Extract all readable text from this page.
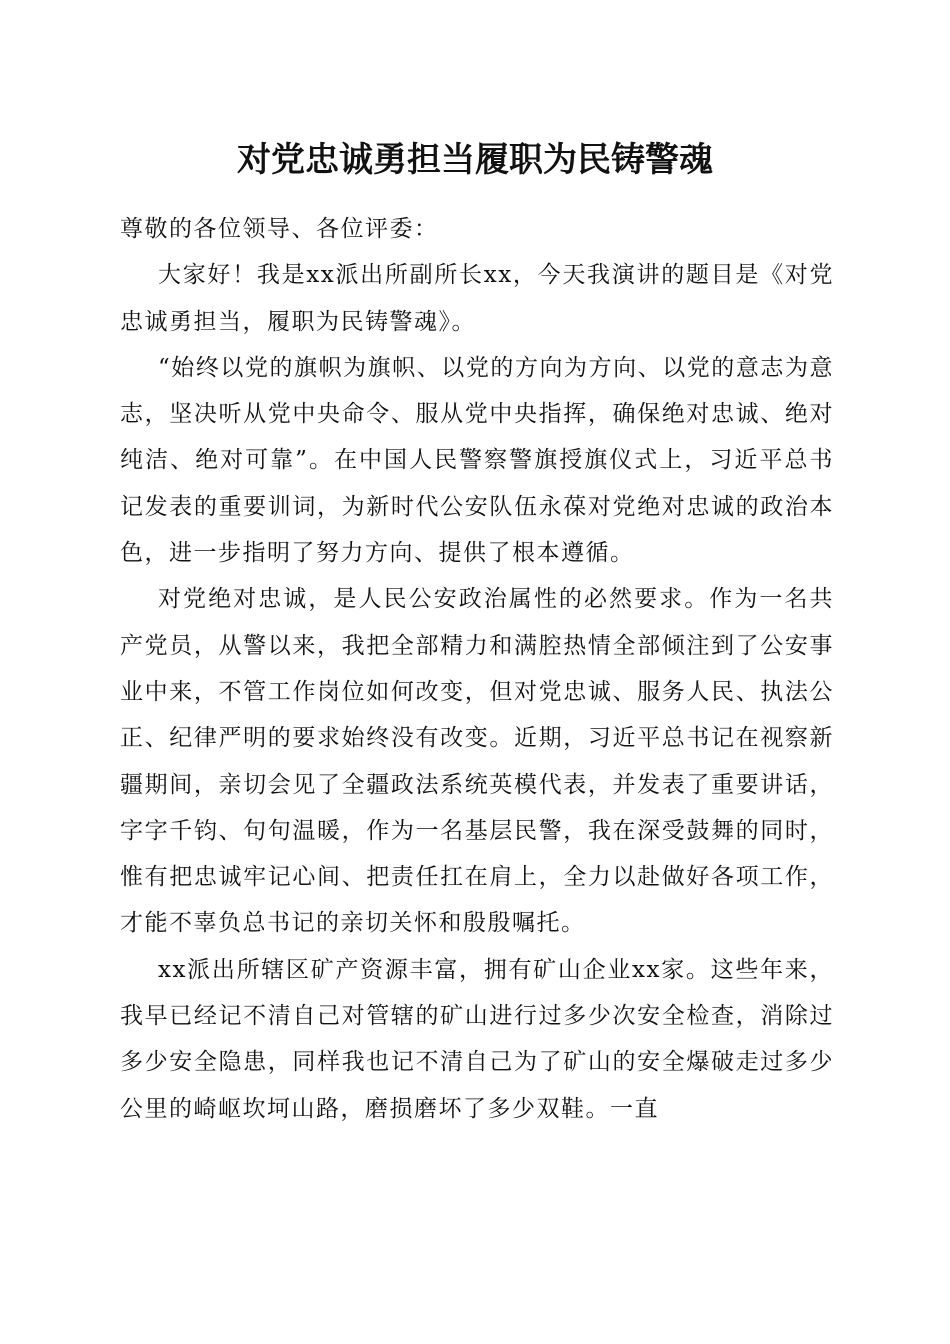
对党忠诚勇担当履职为民铸警魂

尊敬的各位领导、各位评委：

大家好！我是xx派出所副所长xx，今天我演讲的题目是《对党忠诚勇担当，履职为民铸警魂》。

“始终以党的旗帜为旗帜、以党的方向为方向、以党的意志为意志，坚决听从党中央命令、服从党中央指挥，确保绝对忠诚、绝对纯洁、绝对可靠”。在中国人民警察警旗授旗仪式上，习近平总书记发表的重要训词，为新时代公安队伍永葆对党绝对忠诚的政治本色，进一步指明了努力方向、提供了根本遵循。

对党绝对忠诚，是人民公安政治属性的必然要求。作为一名共产党员，从警以来，我把全部精力和满腔热情全部倾注到了公安事业中来，不管工作岗位如何改变，但对党忠诚、服务人民、执法公正、纪律严明的要求始终没有改变。近期，习近平总书记在视察新疆期间，亲切会见了全疆政法系统英模代表，并发表了重要讲话，字字千钧、句句温暖，作为一名基层民警，我在深受鼓舞的同时，惟有把忠诚牢记心间、把责任扛在肩上，全力以赴做好各项工作，才能不辜负总书记的亲切关怀和殷殷嘱托。

xx派出所辖区矿产资源丰富，拥有矿山企业xx家。这些年来，我早已经记不清自己对管辖的矿山进行过多少次安全检查，消除过多少安全隐患，同样我也记不清自己为了矿山的安全爆破走过多少公里的崎岖坎坷山路，磨损磨坏了多少双鞋。一直
